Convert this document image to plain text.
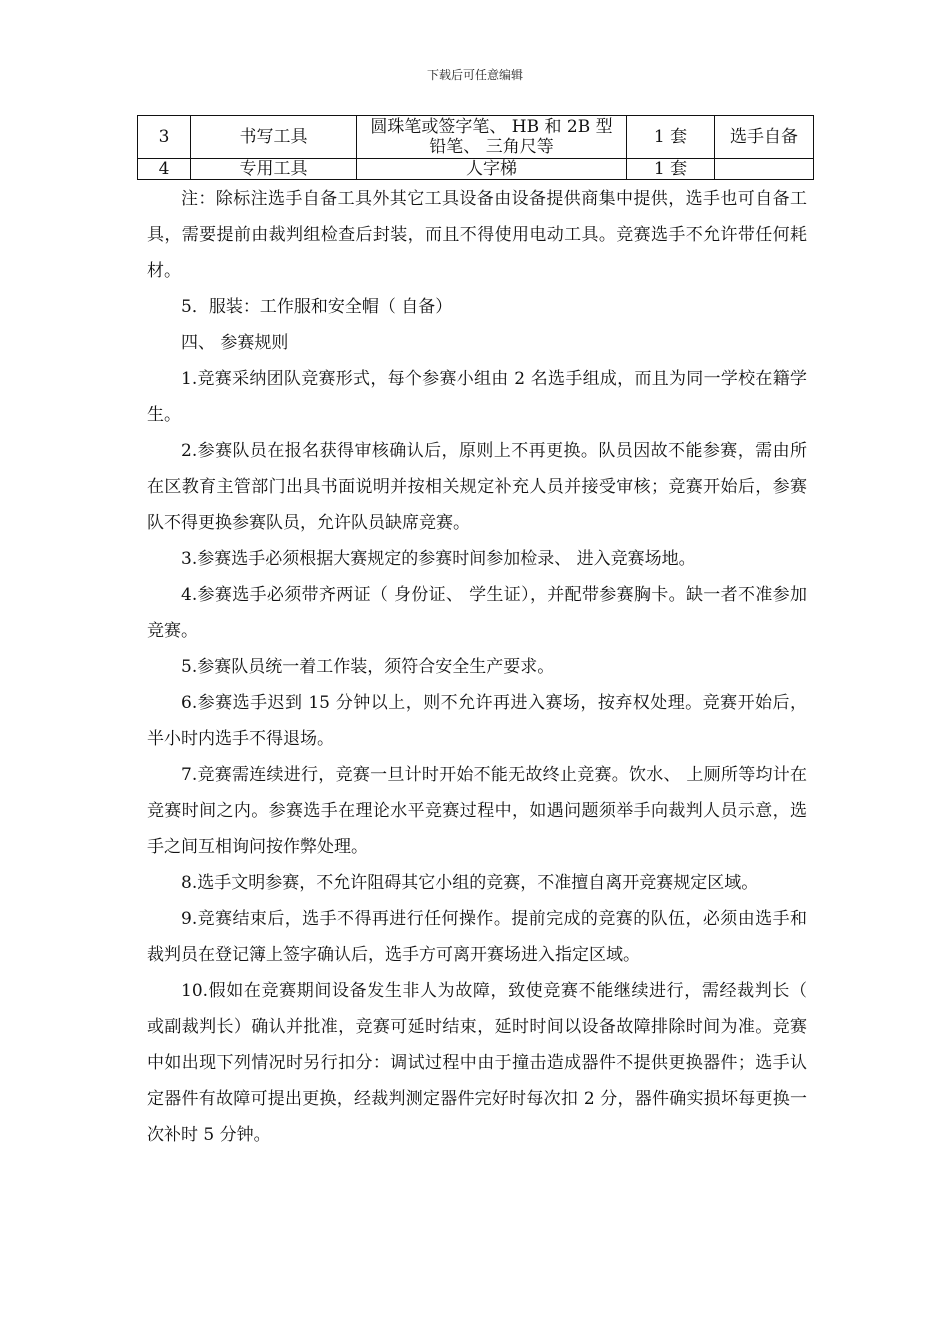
下载后可任意编辑
3	书写工具	圆珠笔或签字笔、 HB 和 2B 型
铅笔、 三角尺等	1 套	选手自备
4	专用工具	人字梯	1 套	

注：除标注选手自备工具外其它工具设备由设备提供商集中提供，选手也可自备工具，需要提前由裁判组检查后封装，而且不得使用电动工具。竞赛选手不允许带任何耗材。

5．服装：工作服和安全帽（ 自备）

四、 参赛规则

1.竞赛采纳团队竞赛形式，每个参赛小组由 2 名选手组成，而且为同一学校在籍学生。

2.参赛队员在报名获得审核确认后，原则上不再更换。队员因故不能参赛，需由所在区教育主管部门出具书面说明并按相关规定补充人员并接受审核；竞赛开始后，参赛队不得更换参赛队员，允许队员缺席竞赛。

3.参赛选手必须根据大赛规定的参赛时间参加检录、 进入竞赛场地。

4.参赛选手必须带齐两证（ 身份证、 学生证），并配带参赛胸卡。缺一者不准参加竞赛。

5.参赛队员统一着工作装，须符合安全生产要求。

6.参赛选手迟到 15 分钟以上，则不允许再进入赛场，按弃权处理。竞赛开始后，半小时内选手不得退场。

7.竞赛需连续进行，竞赛一旦计时开始不能无故终止竞赛。饮水、 上厕所等均计在竞赛时间之内。参赛选手在理论水平竞赛过程中，如遇问题须举手向裁判人员示意，选手之间互相询问按作弊处理。

8.选手文明参赛，不允许阻碍其它小组的竞赛，不准擅自离开竞赛规定区域。

9.竞赛结束后，选手不得再进行任何操作。提前完成的竞赛的队伍，必须由选手和裁判员在登记簿上签字确认后，选手方可离开赛场进入指定区域。

10.假如在竞赛期间设备发生非人为故障，致使竞赛不能继续进行，需经裁判长（ 或副裁判长）确认并批准，竞赛可延时结束，延时时间以设备故障排除时间为准。竞赛中如出现下列情况时另行扣分：调试过程中由于撞击造成器件不提供更换器件；选手认定器件有故障可提出更换，经裁判测定器件完好时每次扣 2 分，器件确实损坏每更换一次补时 5 分钟。
